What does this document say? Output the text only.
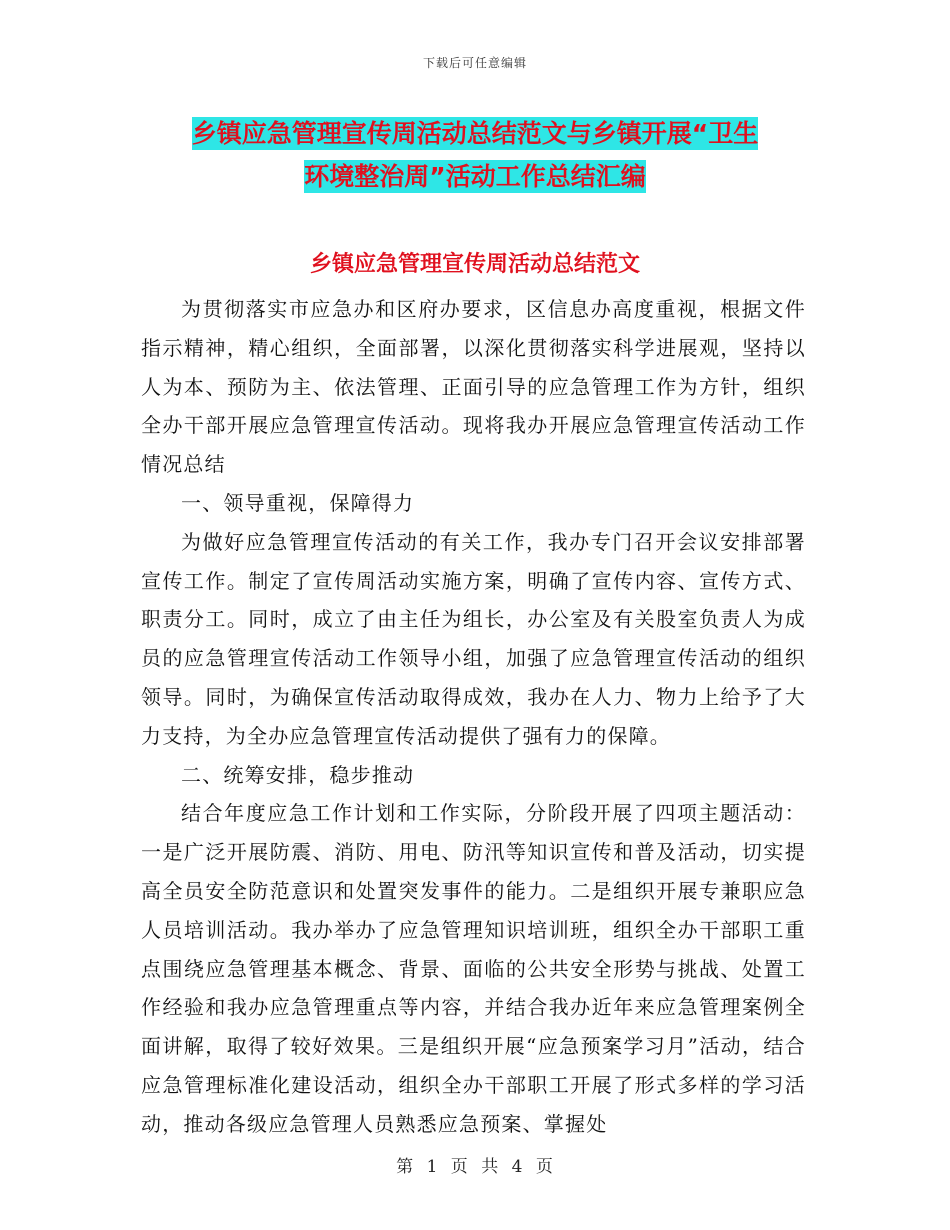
下载后可任意编辑
乡镇应急管理宣传周活动总结范文与乡镇开展“卫生
环境整治周”活动工作总结汇编
乡镇应急管理宣传周活动总结范文

为贯彻落实市应急办和区府办要求，区信息办高度重视，根据文件指示精神，精心组织，全面部署，以深化贯彻落实科学进展观，坚持以人为本、预防为主、依法管理、正面引导的应急管理工作为方针，组织全办干部开展应急管理宣传活动。现将我办开展应急管理宣传活动工作情况总结

一、领导重视，保障得力

为做好应急管理宣传活动的有关工作，我办专门召开会议安排部署宣传工作。制定了宣传周活动实施方案，明确了宣传内容、宣传方式、职责分工。同时，成立了由主任为组长，办公室及有关股室负责人为成员的应急管理宣传活动工作领导小组，加强了应急管理宣传活动的组织领导。同时，为确保宣传活动取得成效，我办在人力、物力上给予了大力支持，为全办应急管理宣传活动提供了强有力的保障。

二、统筹安排，稳步推动

结合年度应急工作计划和工作实际，分阶段开展了四项主题活动：一是广泛开展防震、消防、用电、防汛等知识宣传和普及活动，切实提高全员安全防范意识和处置突发事件的能力。二是组织开展专兼职应急人员培训活动。我办举办了应急管理知识培训班，组织全办干部职工重点围绕应急管理基本概念、背景、面临的公共安全形势与挑战、处置工作经验和我办应急管理重点等内容，并结合我办近年来应急管理案例全面讲解，取得了较好效果。三是组织开展“应急预案学习月”活动，结合应急管理标准化建设活动，组织全办干部职工开展了形式多样的学习活动，推动各级应急管理人员熟悉应急预案、掌握处

第 1 页 共 4 页
